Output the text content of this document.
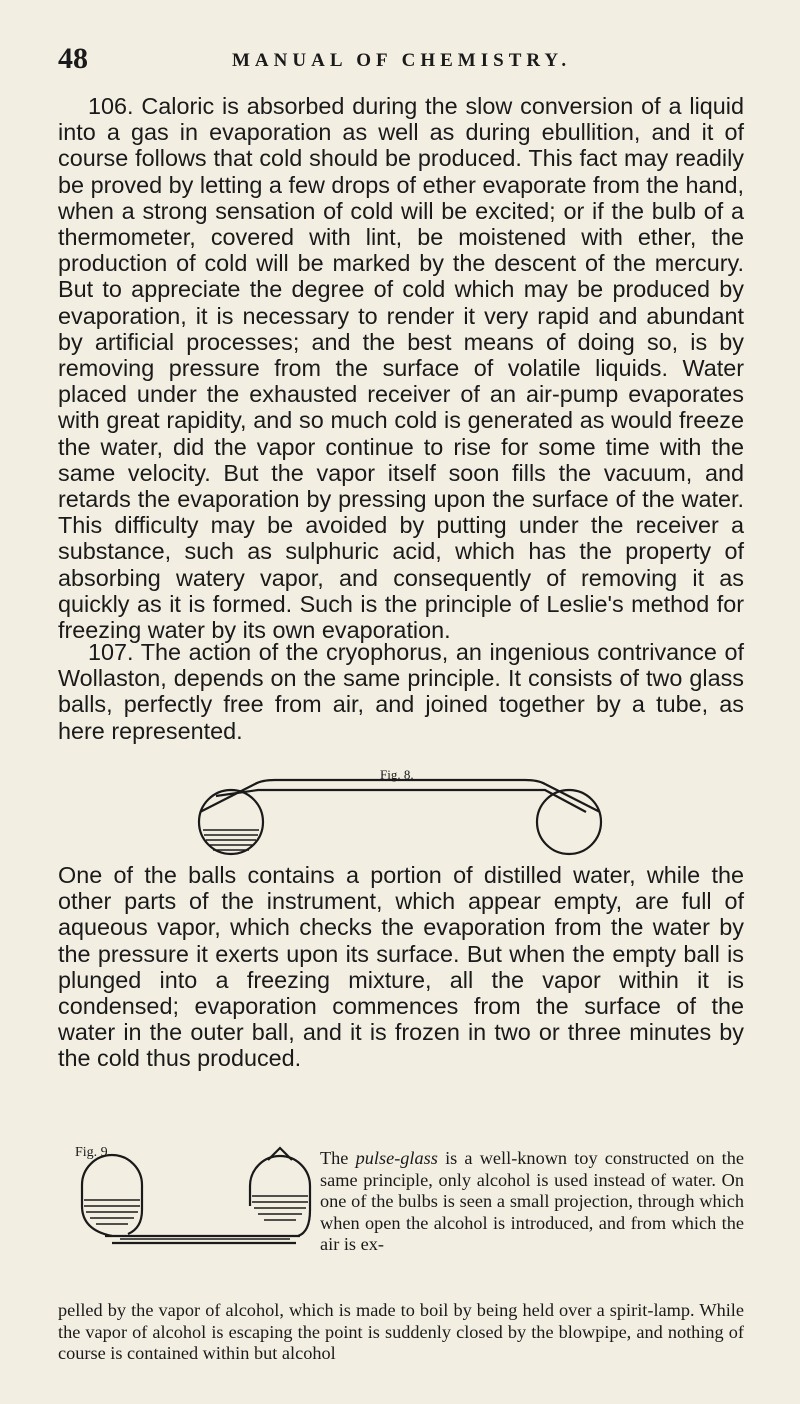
48	MANUAL OF CHEMISTRY.

106. Caloric is absorbed during the slow conversion of a liquid into a gas in evaporation as well as during ebullition, and it of course follows that cold should be produced. This fact may readily be proved by letting a few drops of ether evaporate from the hand, when a strong sensation of cold will be excited; or if the bulb of a thermometer, covered with lint, be moistened with ether, the production of cold will be marked by the descent of the mercury. But to appreciate the degree of cold which may be produced by evaporation, it is necessary to render it very rapid and abundant by artificial processes; and the best means of doing so, is by removing pressure from the surface of volatile liquids. Water placed under the exhausted receiver of an air-pump evaporates with great rapidity, and so much cold is generated as would freeze the water, did the vapor continue to rise for some time with the same velocity. But the vapor itself soon fills the vacuum, and retards the evaporation by pressing upon the surface of the water. This difficulty may be avoided by putting under the receiver a substance, such as sulphuric acid, which has the property of absorbing watery vapor, and consequently of removing it as quickly as it is formed. Such is the principle of Leslie's method for freezing water by its own evaporation.

107. The action of the cryophorus, an ingenious contrivance of Wollaston, depends on the same principle. It consists of two glass balls, perfectly free from air, and joined together by a tube, as here represented.

Fig. 8.

One of the balls contains a portion of distilled water, while the other parts of the instrument, which appear empty, are full of aqueous vapor, which checks the evaporation from the water by the pressure it exerts upon its surface. But when the empty ball is plunged into a freezing mixture, all the vapor within it is condensed; evaporation commences from the surface of the water in the outer ball, and it is frozen in two or three minutes by the cold thus produced.

Fig. 9.	The pulse-glass is a well-known toy constructed on the same principle, only alcohol is used instead of water. On one of the bulbs is seen a small projection, through which when open the alcohol is introduced, and from which the air is ex-

pelled by the vapor of alcohol, which is made to boil by being held over a spirit-lamp. While the vapor of alcohol is escaping the point is suddenly closed by the blowpipe, and nothing of course is contained within but alcohol
